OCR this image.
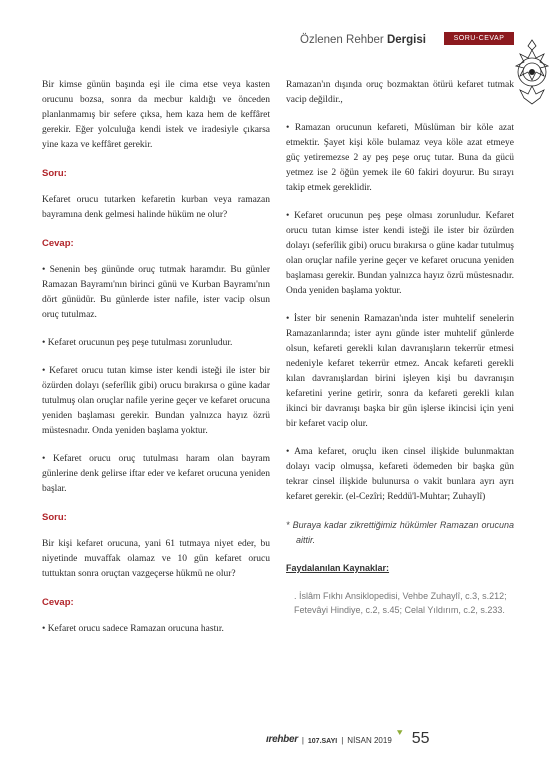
Özlenen Rehber Dergisi	SORU-CEVAP

Bir kimse günün başında eşi ile cima etse veya kasten orucunu bozsa, sonra da mecbur kaldığı ve önceden planlanmamış bir sefere çıksa, hem kaza hem de keffâret gerekir. Eğer yolculuğa kendi istek ve iradesiyle çıkarsa yine kaza ve keffâret gerekir.

Soru:

Kefaret orucu tutarken kefaretin kurban veya ramazan bayramına denk gelmesi halinde hüküm ne olur?

Cevap:

• Senenin beş gününde oruç tutmak haramdır. Bu günler Ramazan Bayramı'nın birinci günü ve Kurban Bayramı'nın dört günüdür. Bu günlerde ister nafile, ister vacip olsun oruç tutulmaz.

• Kefaret orucunun peş peşe tutulması zorunludur.

• Kefaret orucu tutan kimse ister kendi isteği ile ister bir özürden dolayı (seferîlik gibi) orucu bırakırsa o güne kadar tutulmuş olan oruçlar nafile yerine geçer ve kefaret orucuna yeniden başlaması gerekir. Bundan yalnızca hayız özrü müstesnadır. Onda yeniden başlama yoktur.

• Kefaret orucu oruç tutulması haram olan bayram günlerine denk gelirse iftar eder ve kefaret orucuna yeniden başlar.

Soru:

Bir kişi kefaret orucuna, yani 61 tutmaya niyet eder, bu niyetinde muvaffak olamaz ve 10 gün kefaret orucu tuttuktan sonra oruçtan vazgeçerse hükmü ne olur?

Cevap:

• Kefaret orucu sadece Ramazan orucuna hastır.

Ramazan'ın dışında oruç bozmaktan ötürü kefaret tutmak vacip değildir.,

• Ramazan orucunun kefareti, Müslüman bir köle azat etmektir. Şayet kişi köle bulamaz veya köle azat etmeye güç yetiremezse 2 ay peş peşe oruç tutar. Buna da gücü yetmez ise 2 öğün yemek ile 60 fakiri doyurur. Bu sırayı takip etmek gereklidir.

• Kefaret orucunun peş peşe olması zorunludur. Kefaret orucu tutan kimse ister kendi isteği ile ister bir özürden dolayı (seferîlik gibi) orucu bırakırsa o güne kadar tutulmuş olan oruçlar nafile yerine geçer ve kefaret orucuna yeniden başlaması gerekir. Bundan yalnızca hayız özrü müstesnadır. Onda yeniden başlama yoktur.

• İster bir senenin Ramazan'ında ister muhtelif senelerin Ramazanlarında; ister aynı günde ister muhtelif günlerde olsun, kefareti gerekli kılan davranışların tekerrür etmesi nedeniyle kefaret tekerrür etmez. Ancak kefareti gerekli kılan davranışlardan birini işleyen kişi bu davranışın kefaretini yerine getirir, sonra da kefareti gerekli kılan ikinci bir davranışı başka bir gün işlerse ikincisi için yeni bir kefaret vacip olur.

• Ama kefaret, oruçlu iken cinsel ilişkide bulunmaktan dolayı vacip olmuşsa, kefareti ödemeden bir başka gün tekrar cinsel ilişkide bulunursa o vakit bunlara ayrı ayrı kefaret gerekir. (el-Cezîri; Reddü'l-Muhtar; Zuhaylî)

* Buraya kadar zikrettiğimiz hükümler Ramazan orucuna aittir.

Faydalanılan Kaynaklar:

. İslâm Fıkhı Ansiklopedisi, Vehbe Zuhaylî, c.3, s.212;
Fetevâyi Hindiye, c.2, s.45; Celal Yıldırım, c.2, s.233.
ırehber | 107.SAYI | NİSAN 2019
⯆ 55
